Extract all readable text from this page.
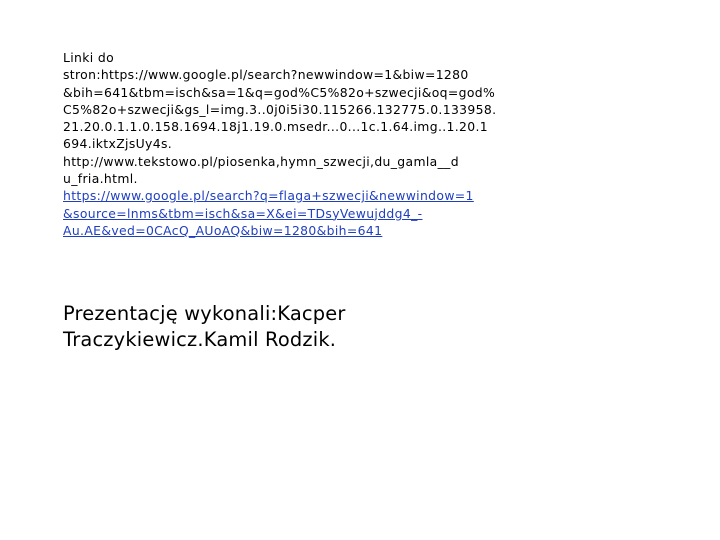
Linki do
stron:https://www.google.pl/search?newwindow=1&biw=1280
&bih=641&tbm=isch&sa=1&q=god%C5%82o+szwecji&oq=god%
C5%82o+szwecji&gs_l=img.3..0j0i5i30.115266.132775.0.133958.
21.20.0.1.1.0.158.1694.18j1.19.0.msedr...0...1c.1.64.img..1.20.1
694.iktxZjsUy4s.
http://www.tekstowo.pl/piosenka,hymn_szwecji,du_gamla__d
u_fria.html.
https://www.google.pl/search?q=flaga+szwecji&newwindow=1
&source=lnms&tbm=isch&sa=X&ei=TDsyVewujddg4_-
Au.AE&ved=0CAcQ_AUoAQ&biw=1280&bih=641
Prezentację wykonali:Kacper
Traczykiewicz.Kamil Rodzik.
